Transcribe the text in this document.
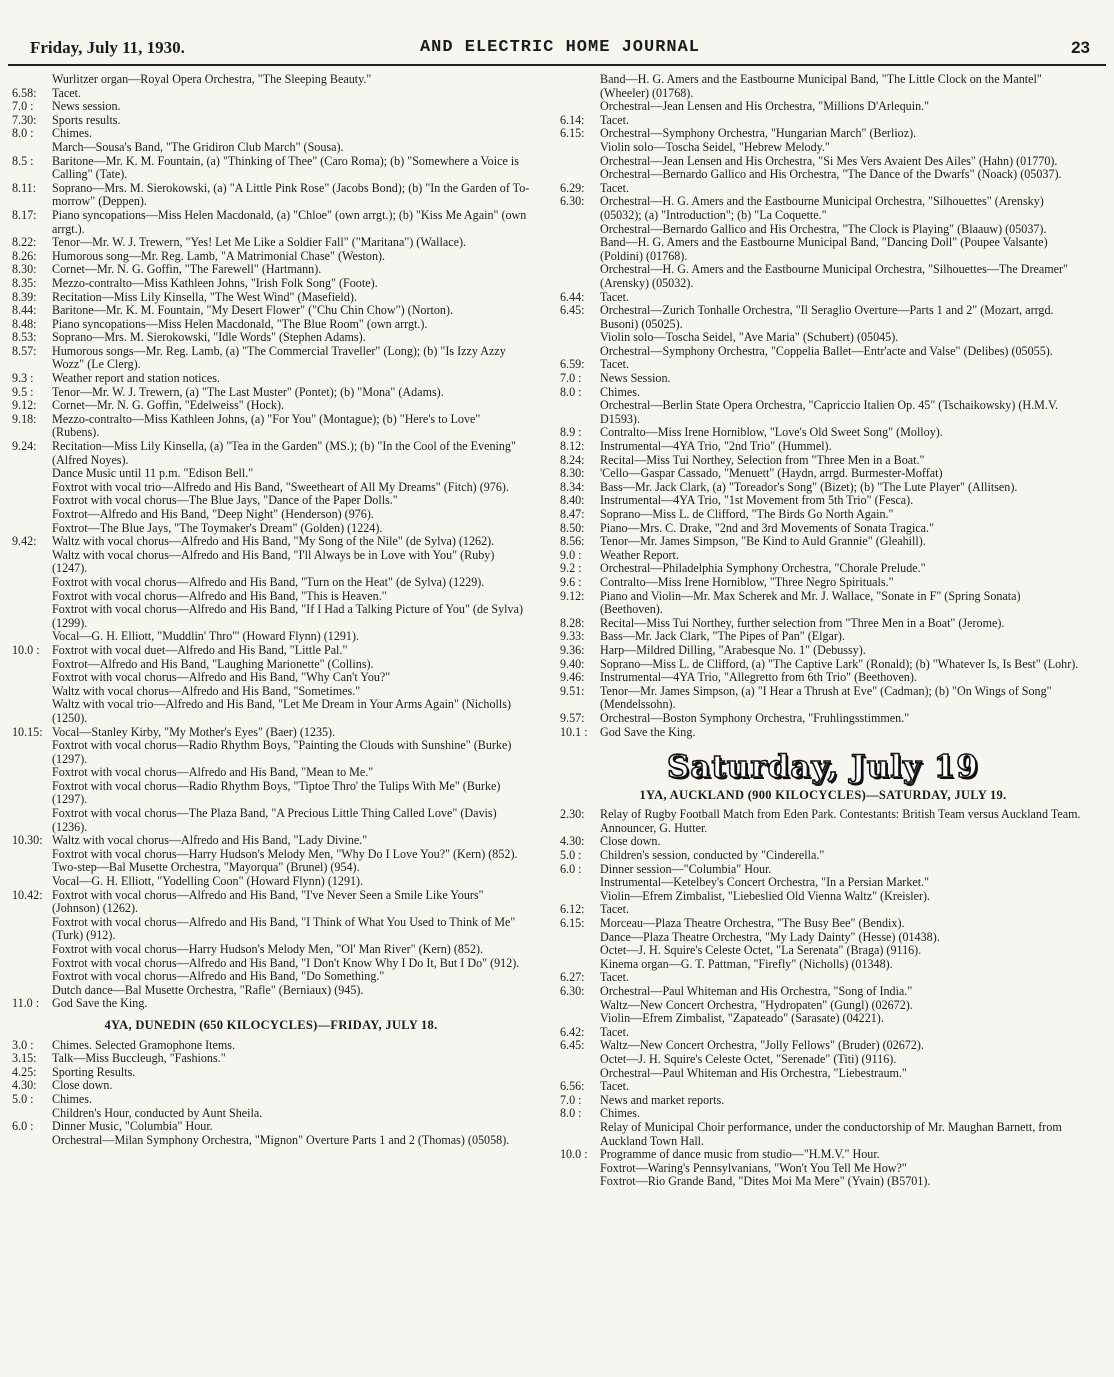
Friday, July 11, 1930.	AND ELECTRIC HOME JOURNAL	23
Wurlitzer organ—Royal Opera Orchestra, "The Sleeping Beauty."
6.58:	Tacet.
7.0 :	News session.
7.30:	Sports results.
8.0 :	Chimes.
March—Sousa's Band, "The Gridiron Club March" (Sousa).
8.5 :	Baritone—Mr. K. M. Fountain, (a) "Thinking of Thee" (Caro Roma); (b) "Somewhere a Voice is Calling" (Tate).
8.11:	Soprano—Mrs. M. Sierokowski, (a) "A Little Pink Rose" (Jacobs Bond); (b) "In the Garden of To-morrow" (Deppen).
8.17:	Piano syncopations—Miss Helen Macdonald, (a) "Chloe" (own arrgt.); (b) "Kiss Me Again" (own arrgt.).
8.22:	Tenor—Mr. W. J. Trewern, "Yes! Let Me Like a Soldier Fall" ("Maritana") (Wallace).
8.26:	Humorous song—Mr. Reg. Lamb, "A Matrimonial Chase" (Weston).
8.30:	Cornet—Mr. N. G. Goffin, "The Farewell" (Hartmann).
8.35:	Mezzo-contralto—Miss Kathleen Johns, "Irish Folk Song" (Foote).
8.39:	Recitation—Miss Lily Kinsella, "The West Wind" (Masefield).
8.44:	Baritone—Mr. K. M. Fountain, "My Desert Flower" ("Chu Chin Chow") (Norton).
8.48:	Piano syncopations—Miss Helen Macdonald, "The Blue Room" (own arrgt.).
8.53:	Soprano—Mrs. M. Sierokowski, "Idle Words" (Stephen Adams).
8.57:	Humorous songs—Mr. Reg. Lamb, (a) "The Commercial Traveller" (Long); (b) "Is Izzy Azzy Wozz" (Le Clerg).
9.3 :	Weather report and station notices.
9.5 :	Tenor—Mr. W. J. Trewern, (a) "The Last Muster" (Pontet); (b) "Mona" (Adams).
9.12:	Cornet—Mr. N. G. Goffin, "Edelweiss" (Hock).
9.18:	Mezzo-contralto—Miss Kathleen Johns, (a) "For You" (Montague); (b) "Here's to Love" (Rubens).
9.24:	Recitation—Miss Lily Kinsella, (a) "Tea in the Garden" (MS.); (b) "In the Cool of the Evening" (Alfred Noyes).
Dance Music until 11 p.m. "Edison Bell."
Foxtrot with vocal trio—Alfredo and His Band, "Sweetheart of All My Dreams" (Fitch) (976).
Foxtrot with vocal chorus—The Blue Jays, "Dance of the Paper Dolls."
Foxtrot—Alfredo and His Band, "Deep Night" (Henderson) (976).
Foxtrot—The Blue Jays, "The Toymaker's Dream" (Golden) (1224).
9.42:	Waltz with vocal chorus—Alfredo and His Band, "My Song of the Nile" (de Sylva) (1262).
Waltz with vocal chorus—Alfredo and His Band, "I'll Always be in Love with You" (Ruby) (1247).
Foxtrot with vocal chorus—Alfredo and His Band, "Turn on the Heat" (de Sylva) (1229).
Foxtrot with vocal chorus—Alfredo and His Band, "This is Heaven."
Foxtrot with vocal chorus—Alfredo and His Band, "If I Had a Talking Picture of You" (de Sylva) (1299).
Vocal—G. H. Elliott, "Muddlin' Thro'" (Howard Flynn) (1291).
10.0 :	Foxtrot with vocal duet—Alfredo and His Band, "Little Pal."
Foxtrot—Alfredo and His Band, "Laughing Marionette" (Collins).
Foxtrot with vocal chorus—Alfredo and His Band, "Why Can't You?"
Waltz with vocal chorus—Alfredo and His Band, "Sometimes."
Waltz with vocal trio—Alfredo and His Band, "Let Me Dream in Your Arms Again" (Nicholls) (1250).
10.15: Vocal—Stanley Kirby, "My Mother's Eyes" (Baer) (1235).
Foxtrot with vocal chorus—Radio Rhythm Boys, "Painting the Clouds with Sunshine" (Burke) (1297).
Foxtrot with vocal chorus—Alfredo and His Band, "Mean to Me."
Foxtrot with vocal chorus—Radio Rhythm Boys, "Tiptoe Thro' the Tulips With Me" (Burke) (1297).
Foxtrot with vocal chorus—The Plaza Band, "A Precious Little Thing Called Love" (Davis) (1236).
10.30: Waltz with vocal chorus—Alfredo and His Band, "Lady Divine."
Foxtrot with vocal chorus—Harry Hudson's Melody Men, "Why Do I Love You?" (Kern) (852).
Two-step—Bal Musette Orchestra, "Mayorqua" (Brunel) (954).
Vocal—G. H. Elliott, "Yodelling Coon" (Howard Flynn) (1291).
10.42: Foxtrot with vocal chorus—Alfredo and His Band, "I've Never Seen a Smile Like Yours" (Johnson) (1262).
Foxtrot with vocal chorus—Alfredo and His Band, "I Think of What You Used to Think of Me" (Turk) (912).
Foxtrot with vocal chorus—Harry Hudson's Melody Men, "Ol' Man River" (Kern) (852).
Foxtrot with vocal chorus—Alfredo and His Band, "I Don't Know Why I Do It, But I Do" (912).
Foxtrot with vocal chorus—Alfredo and His Band, "Do Something."
Dutch dance—Bal Musette Orchestra, "Rafle" (Berniaux) (945).
11.0 :	God Save the King.
4YA, DUNEDIN (650 KILOCYCLES)—FRIDAY, JULY 18.
3.0 :	Chimes. Selected Gramophone Items.
3.15:	Talk—Miss Buccleugh, "Fashions."
4.25:	Sporting Results.
4.30:	Close down.
5.0 :	Chimes.
Children's Hour, conducted by Aunt Sheila.
6.0 :	Dinner Music, "Columbia" Hour.
Orchestral—Milan Symphony Orchestra, "Mignon" Overture Parts 1 and 2 (Thomas) (05058).
Band—H. G. Amers and the Eastbourne Municipal Band, "The Little Clock on the Mantel" (Wheeler) (01768).
Orchestral—Jean Lensen and His Orchestra, "Millions D'Arlequin."
6.14:	Tacet.
6.15:	Orchestral—Symphony Orchestra, "Hungarian March" (Berlioz).
Violin solo—Toscha Seidel, "Hebrew Melody."
Orchestral—Jean Lensen and His Orchestra, "Si Mes Vers Avaient Des Ailes" (Hahn) (01770).
Orchestral—Bernardo Gallico and His Orchestra, "The Dance of the Dwarfs" (Noack) (05037).
6.29:	Tacet.
6.30:	Orchestral—H. G. Amers and the Eastbourne Municipal Orchestra, "Silhouettes" (Arensky) (05032); (a) "Introduction"; (b) "La Coquette."
Orchestral—Bernardo Gallico and His Orchestra, "The Clock is Playing" (Blaauw) (05037).
Band—H. G. Amers and the Eastbourne Municipal Band, "Dancing Doll" (Poupee Valsante) (Poldini) (01768).
Orchestral—H. G. Amers and the Eastbourne Municipal Orchestra, "Silhouettes—The Dreamer" (Arensky) (05032).
6.44:	Tacet.
6.45:	Orchestral—Zurich Tonhalle Orchestra, "Il Seraglio Overture—Parts 1 and 2" (Mozart, arrgd. Busoni) (05025).
Violin solo—Toscha Seidel, "Ave Maria" (Schubert) (05045).
Orchestral—Symphony Orchestra, "Coppelia Ballet—Entr'acte and Valse" (Delibes) (05055).
6.59:	Tacet.
7.0 :	News Session.
8.0 :	Chimes.
Orchestral—Berlin State Opera Orchestra, "Capriccio Italien Op. 45" (Tschaikowsky) (H.M.V. D1593).
8.9 :	Contralto—Miss Irene Horniblow, "Love's Old Sweet Song" (Molloy).
8.12:	Instrumental—4YA Trio, "2nd Trio" (Hummel).
8.24:	Recital—Miss Tui Northey, Selection from "Three Men in a Boat."
8.30:	'Cello—Gaspar Cassado, "Menuett" (Haydn, arrgd. Burmester-Moffat)
8.34:	Bass—Mr. Jack Clark, (a) "Toreador's Song" (Bizet); (b) "The Lute Player" (Allitsen).
8.40:	Instrumental—4YA Trio, "1st Movement from 5th Trio" (Fesca).
8.47:	Soprano—Miss L. de Clifford, "The Birds Go North Again."
8.50:	Piano—Mrs. C. Drake, "2nd and 3rd Movements of Sonata Tragica."
8.56:	Tenor—Mr. James Simpson, "Be Kind to Auld Grannie" (Gleahill).
9.0 :	Weather Report.
9.2 :	Orchestral—Philadelphia Symphony Orchestra, "Chorale Prelude."
9.6 :	Contralto—Miss Irene Horniblow, "Three Negro Spirituals."
9.12:	Piano and Violin—Mr. Max Scherek and Mr. J. Wallace, "Sonate in F" (Spring Sonata) (Beethoven).
8.28:	Recital—Miss Tui Northey, further selection from "Three Men in a Boat" (Jerome).
9.33:	Bass—Mr. Jack Clark, "The Pipes of Pan" (Elgar).
9.36:	Harp—Mildred Dilling, "Arabesque No. 1" (Debussy).
9.40:	Soprano—Miss L. de Clifford, (a) "The Captive Lark" (Ronald); (b) "Whatever Is, Is Best" (Lohr).
9.46:	Instrumental—4YA Trio, "Allegretto from 6th Trio" (Beethoven).
9.51:	Tenor—Mr. James Simpson, (a) "I Hear a Thrush at Eve" (Cadman); (b) "On Wings of Song" (Mendelssohn).
9.57:	Orchestral—Boston Symphony Orchestra, "Fruhlingsstimmen."
10.1 :	God Save the King.
Saturday, July 19
1YA, AUCKLAND (900 KILOCYCLES)—SATURDAY, JULY 19.
2.30:	Relay of Rugby Football Match from Eden Park. Contestants: British Team versus Auckland Team. Announcer, G. Hutter.
4.30:	Close down.
5.0 :	Children's session, conducted by "Cinderella."
6.0 :	Dinner session—"Columbia" Hour.
Instrumental—Ketelbey's Concert Orchestra, "In a Persian Market."
Violin—Efrem Zimbalist, "Liebeslied Old Vienna Waltz" (Kreisler).
6.12:	Tacet.
6.15:	Morceau—Plaza Theatre Orchestra, "The Busy Bee" (Bendix).
Dance—Plaza Theatre Orchestra, "My Lady Dainty" (Hesse) (01438).
Octet—J. H. Squire's Celeste Octet, "La Serenata" (Braga) (9116).
Kinema organ—G. T. Pattman, "Firefly" (Nicholls) (01348).
6.27:	Tacet.
6.30:	Orchestral—Paul Whiteman and His Orchestra, "Song of India."
Waltz—New Concert Orchestra, "Hydropaten" (Gungl) (02672).
Violin—Efrem Zimbalist, "Zapateado" (Sarasate) (04221).
6.42:	Tacet.
6.45:	Waltz—New Concert Orchestra, "Jolly Fellows" (Bruder) (02672).
Octet—J. H. Squire's Celeste Octet, "Serenade" (Titi) (9116).
Orchestral—Paul Whiteman and His Orchestra, "Liebestraum."
6.56:	Tacet.
7.0 :	News and market reports.
8.0 :	Chimes.
Relay of Municipal Choir performance, under the conductorship of Mr. Maughan Barnett, from Auckland Town Hall.
10.0 :	Programme of dance music from studio—"H.M.V." Hour.
Foxtrot—Waring's Pennsylvanians, "Won't You Tell Me How?"
Foxtrot—Rio Grande Band, "Dites Moi Ma Mere" (Yvain) (B5701).
